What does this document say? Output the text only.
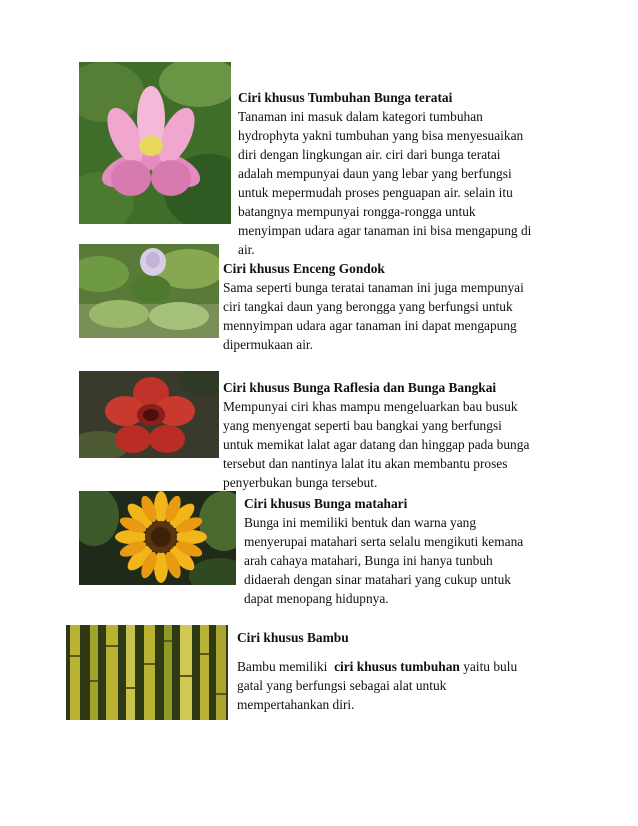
Ciri khusus Tumbuhan Bunga teratai
Tanaman ini masuk dalam kategori tumbuhan
hydrophyta yakni tumbuhan yang bisa menyesuaikan
diri dengan lingkungan air. ciri dari bunga teratai
adalah mempunyai daun yang lebar yang berfungsi
untuk mepermudah proses penguapan air. selain itu
batangnya mempunyai rongga-rongga untuk
menyimpan udara agar tanaman ini bisa mengapung di
air.
Ciri khusus Enceng Gondok
Sama seperti bunga teratai tanaman ini juga mempunyai
ciri tangkai daun yang berongga yang berfungsi untuk
mennyimpan udara agar tanaman ini dapat mengapung
dipermukaan air.
Ciri khusus Bunga Raflesia dan Bunga Bangkai
Mempunyai ciri khas mampu mengeluarkan bau busuk
yang menyengat seperti bau bangkai yang berfungsi
untuk memikat lalat agar datang dan hinggap pada bunga
tersebut dan nantinya lalat itu akan membantu proses
penyerbukan bunga tersebut.
Ciri khusus Bunga matahari
Bunga ini memiliki bentuk dan warna yang
menyerupai matahari serta selalu mengikuti kemana
arah cahaya matahari, Bunga ini hanya tunbuh
didaerah dengan sinar matahari yang cukup untuk
dapat menopang hidupnya.
Ciri khusus Bambu
Bambu memiliki  ciri khusus tumbuhan yaitu bulu
gatal yang berfungsi sebagai alat untuk
mempertahankan diri.
